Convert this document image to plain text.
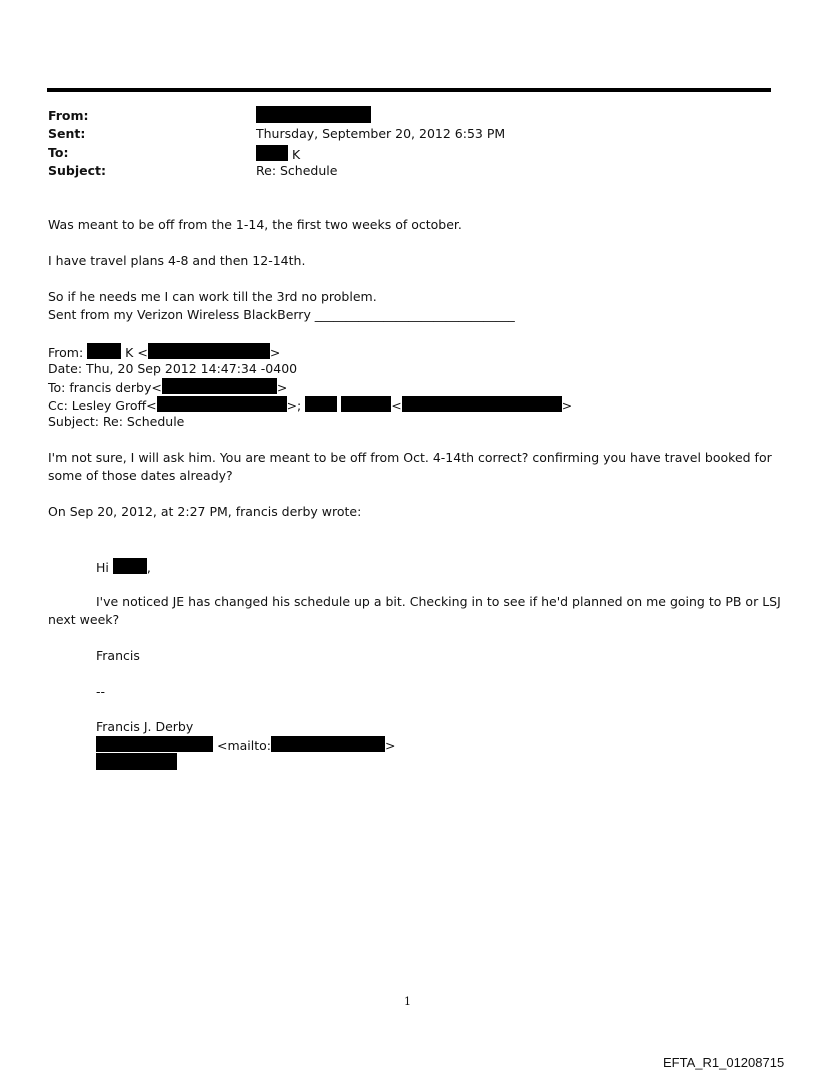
From:
Sent:	Thursday, September 20, 2012 6:53 PM
To:	K
Subject:	Re: Schedule
Was meant to be off from the 1-14, the first two weeks of october.
I have travel plans 4-8 and then 12-14th.
So if he needs me I can work till the 3rd no problem.
Sent from my Verizon Wireless BlackBerry ________________________________
From:	K <	>
Date: Thu, 20 Sep 2012 14:47:34 -0400
To: francis derby<	>
Cc: Lesley Groff<	>;	<	>
Subject: Re: Schedule
I'm not sure, I will ask him. You are meant to be off from Oct. 4-14th correct? confirming you have travel booked for
some of those dates already?
On Sep 20, 2012, at 2:27 PM, francis derby wrote:
Hi	,
I've noticed JE has changed his schedule up a bit. Checking in to see if he'd planned on me going to PB or LSJ
next week?
Francis
--
Francis J. Derby
<mailto:	>
1
EFTA_R1_01208715
